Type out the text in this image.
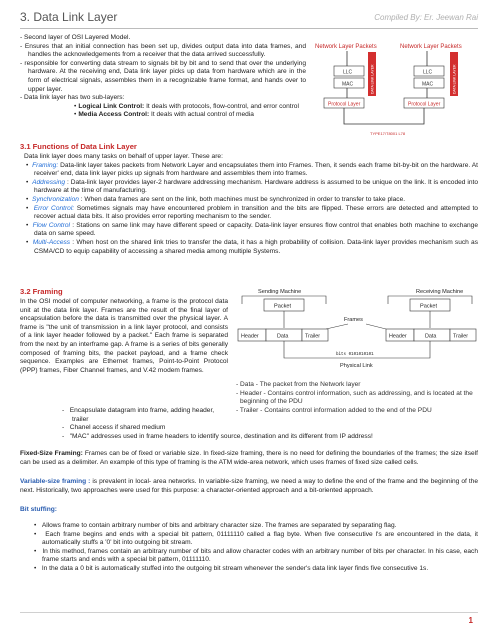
3. Data Link Layer	Compiled By: Er. Jeewan Rai

- Second layer of OSI Layered Model.

- Ensures that an initial connection has been set up, divides output data into data frames, and handles the acknowledgements from a receiver that the data arrived successfully.

- responsible for converting data stream to signals bit by bit and to send that over the underlying hardware. At the receiving end, Data link layer picks up data from hardware which are in the form of electrical signals, assembles them in a recognizable frame format, and hands over to upper layer.

- Data link layer has two sub-layers:

• Logical Link Control: It deals with protocols, flow-control, and error control

• Media Access Control: It deals with actual control of media

Network Layer Packets	Network Layer Packets
LLC
MAC	DATA LINK LAYER
Protocol Layer
LLC
MAC	DATA LINK LAYER
Protocol Layer
TYPE17/T8001 L78
3.1 Functions of Data Link Layer

Data link layer does many tasks on behalf of upper layer. These are:

•  Framing: Data-link layer takes packets from Network Layer and encapsulates them into Frames. Then, it sends each frame bit-by-bit on the hardware. At receiver' end, data link layer picks up signals from hardware and assembles them into frames.

•  Addressing : Data-link layer provides layer-2 hardware addressing mechanism. Hardware address is assumed to be unique on the link. It is encoded into hardware at the time of manufacturing.

•  Synchronization : When data frames are sent on the link, both machines must be synchronized in order to transfer to take place.

•  Error Control: Sometimes signals may have encountered problem in transition and the bits are flipped. These errors are detected and attempted to recover actual data bits. It also provides error reporting mechanism to the sender.

•  Flow Control : Stations on same link may have different speed or capacity. Data-link layer ensures flow control that enables both machine to exchange data on same speed.

•  Multi-Access : When host on the shared link tries to transfer the data, it has a high probability of collision. Data-link layer provides mechanism such as CSMA/CD to equip capability of accessing a shared media among multiple Systems.

3.2 Framing
In the OSI model of computer networking, a frame is the protocol data unit at the data link layer. Frames are the result of the final layer of encapsulation before the data is transmitted over the physical layer. A frame is "the unit of transmission in a link layer protocol, and consists of a link layer header followed by a packet." Each frame is separated from the next by an interframe gap. A frame is a series of bits generally composed of framing bits, the packet payload, and a frame check sequence. Examples are Ethernet frames, Point-to-Point Protocol (PPP) frames, Fiber Channel frames, and V.42 modem frames.
Sending Machine	Receiving Machine
Packet	Packet
Frames
Header	Data	Trailer	Header	Data	Trailer
bits 0101010101
Physical Link

- Data - The packet from the Network layer

- Header - Contains control information, such as addressing, and is located at the beginning of the PDU

- Trailer - Contains control information added to the end of the PDU

-   Encapsulate datagram into frame, adding header, trailer

-   Chanel access if shared medium

-   "MAC" addresses used in frame headers to identify source, destination and its different from IP address!

Fixed-Size Framing: Frames can be of fixed or variable size. In fixed-size framing, there is no need for defining the boundaries of the frames; the size itself can be used as a delimiter. An example of this type of framing is the ATM wide-area network, which uses frames of fixed size called cells.
Variable-size framing : is prevalent in local- area networks. In variable-size framing, we need a way to define the end of the frame and the beginning of the next. Historically, two approaches were used for this purpose: a character-oriented approach and a bit-oriented approach.
Bit stuffing:

•   Allows frame to contain arbitrary number of bits and arbitrary character size. The frames are separated by separating flag.

•   Each frame begins and ends with a special bit pattern, 01111110 called a flag byte. When five consecutive l's are encountered in the data, it automatically stuffs a '0' bit into outgoing bit stream.

•   In this method, frames contain an arbitrary number of bits and allow character codes with an arbitrary number of bits per character. In his case, each frame starts and ends with a special bit pattern, 01111110.

•   In the data a 0 bit is automatically stuffed into the outgoing bit stream whenever the sender's data link layer finds five consecutive 1s.

1
